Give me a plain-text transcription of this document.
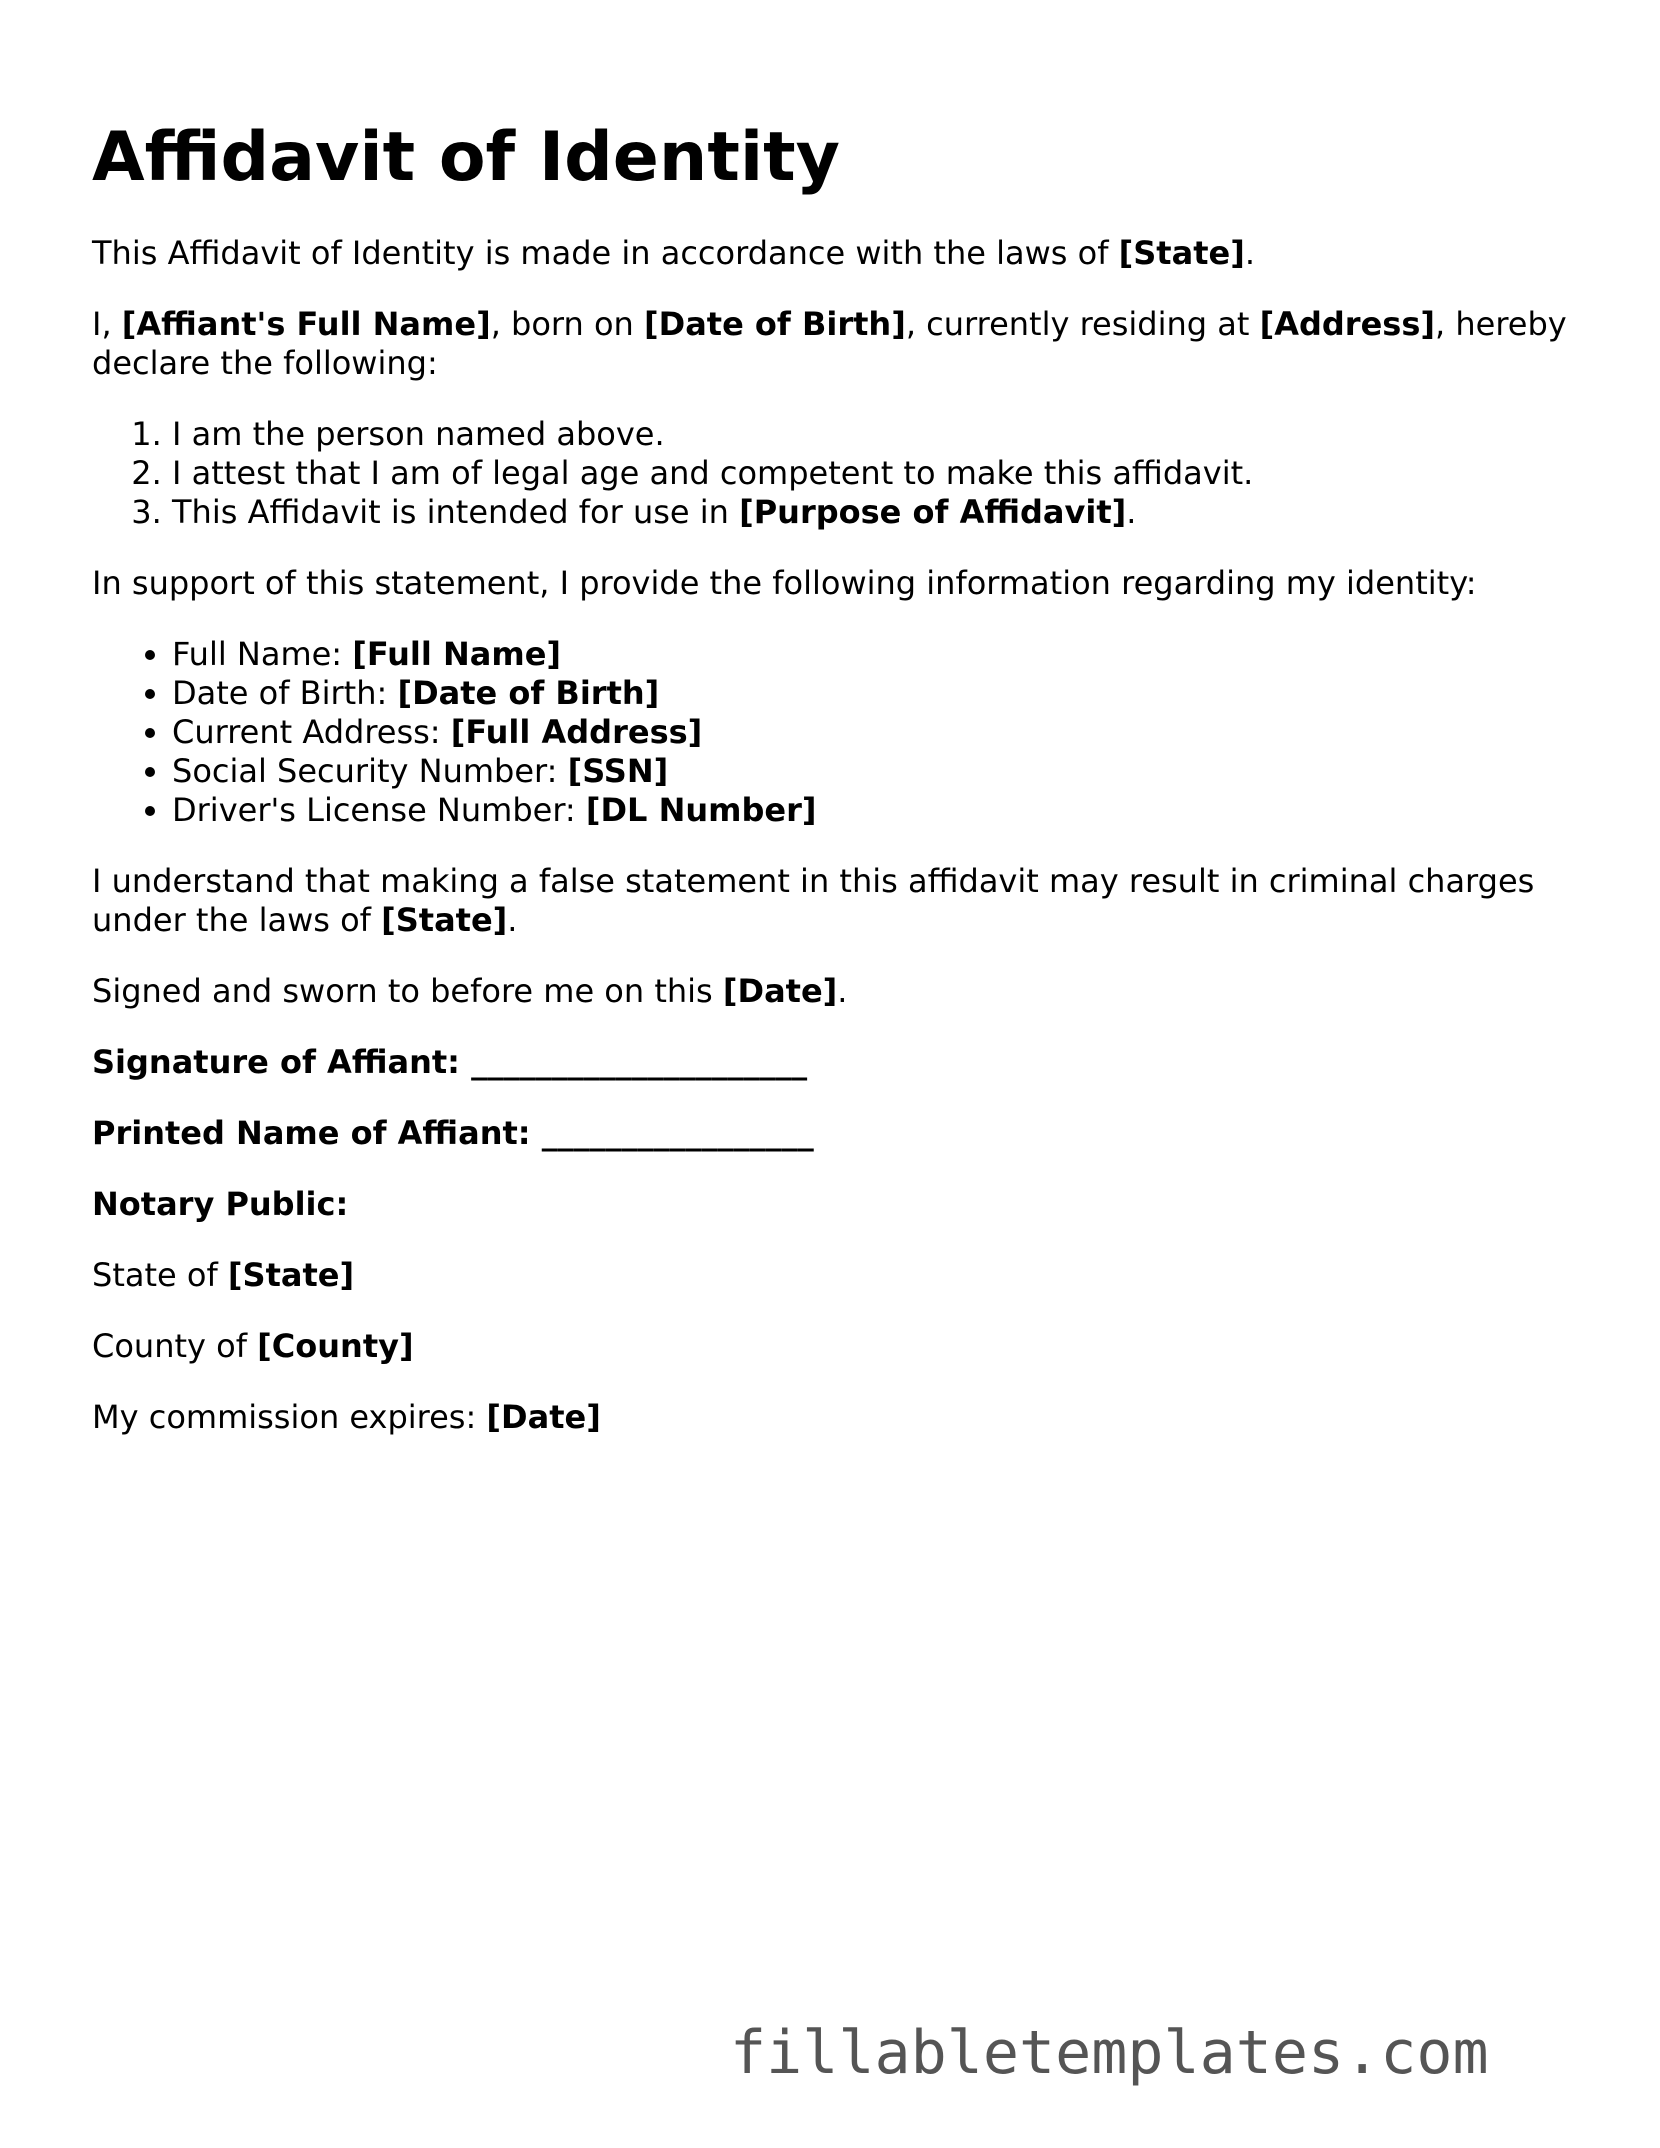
Affidavit of Identity

This Affidavit of Identity is made in accordance with the laws of [State].

I, [Affiant's Full Name], born on [Date of Birth], currently residing at [Address], hereby declare the following:

1. I am the person named above.
2. I attest that I am of legal age and competent to make this affidavit.
3. This Affidavit is intended for use in [Purpose of Affidavit].

In support of this statement, I provide the following information regarding my identity:

• Full Name: [Full Name]
• Date of Birth: [Date of Birth]
• Current Address: [Full Address]
• Social Security Number: [SSN]
• Driver's License Number: [DL Number]

I understand that making a false statement in this affidavit may result in criminal charges under the laws of [State].

Signed and sworn to before me on this [Date].

Signature of Affiant: _____________________

Printed Name of Affiant: _________________

Notary Public:

State of [State]

County of [County]

My commission expires: [Date]

fillabletemplates.com
